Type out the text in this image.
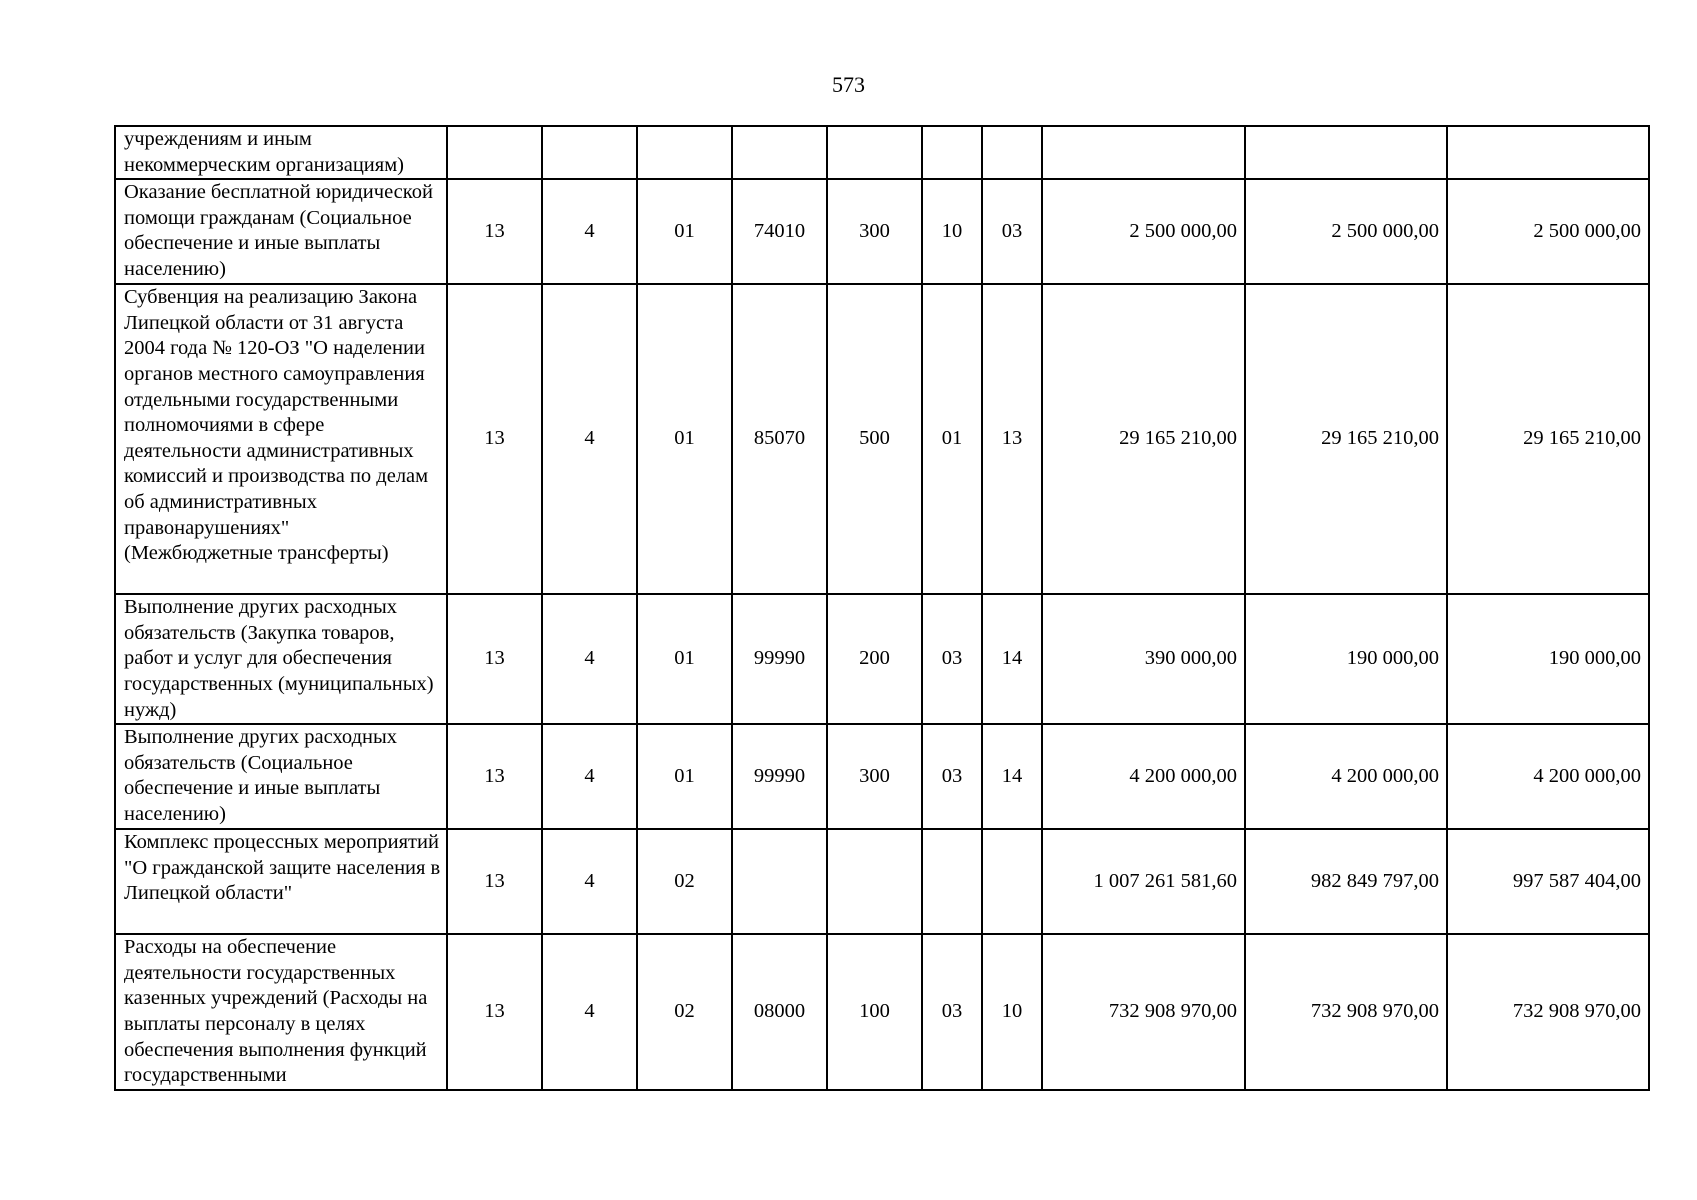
573
учреждениям и иным некоммерческим организациям)										
Оказание бесплатной юридической помощи гражданам (Социальное обеспечение и иные выплаты населению)	13	4	01	74010	300	10	03	2 500 000,00	2 500 000,00	2 500 000,00
Субвенция на реализацию Закона Липецкой области от 31 августа 2004 года № 120-ОЗ "О наделении органов местного самоуправления отдельными государственными полномочиями в сфере деятельности административных комиссий и производства по делам об административных правонарушениях" (Межбюджетные трансферты)	13	4	01	85070	500	01	13	29 165 210,00	29 165 210,00	29 165 210,00
Выполнение других расходных обязательств (Закупка товаров, работ и услуг для обеспечения государственных (муниципальных) нужд)	13	4	01	99990	200	03	14	390 000,00	190 000,00	190 000,00
Выполнение других расходных обязательств (Социальное обеспечение и иные выплаты населению)	13	4	01	99990	300	03	14	4 200 000,00	4 200 000,00	4 200 000,00
Комплекс процессных мероприятий "О гражданской защите населения в Липецкой области"	13	4	02					1 007 261 581,60	982 849 797,00	997 587 404,00
Расходы на обеспечение деятельности государственных казенных учреждений (Расходы на выплаты персоналу в целях обеспечения выполнения функций государственными	13	4	02	08000	100	03	10	732 908 970,00	732 908 970,00	732 908 970,00
